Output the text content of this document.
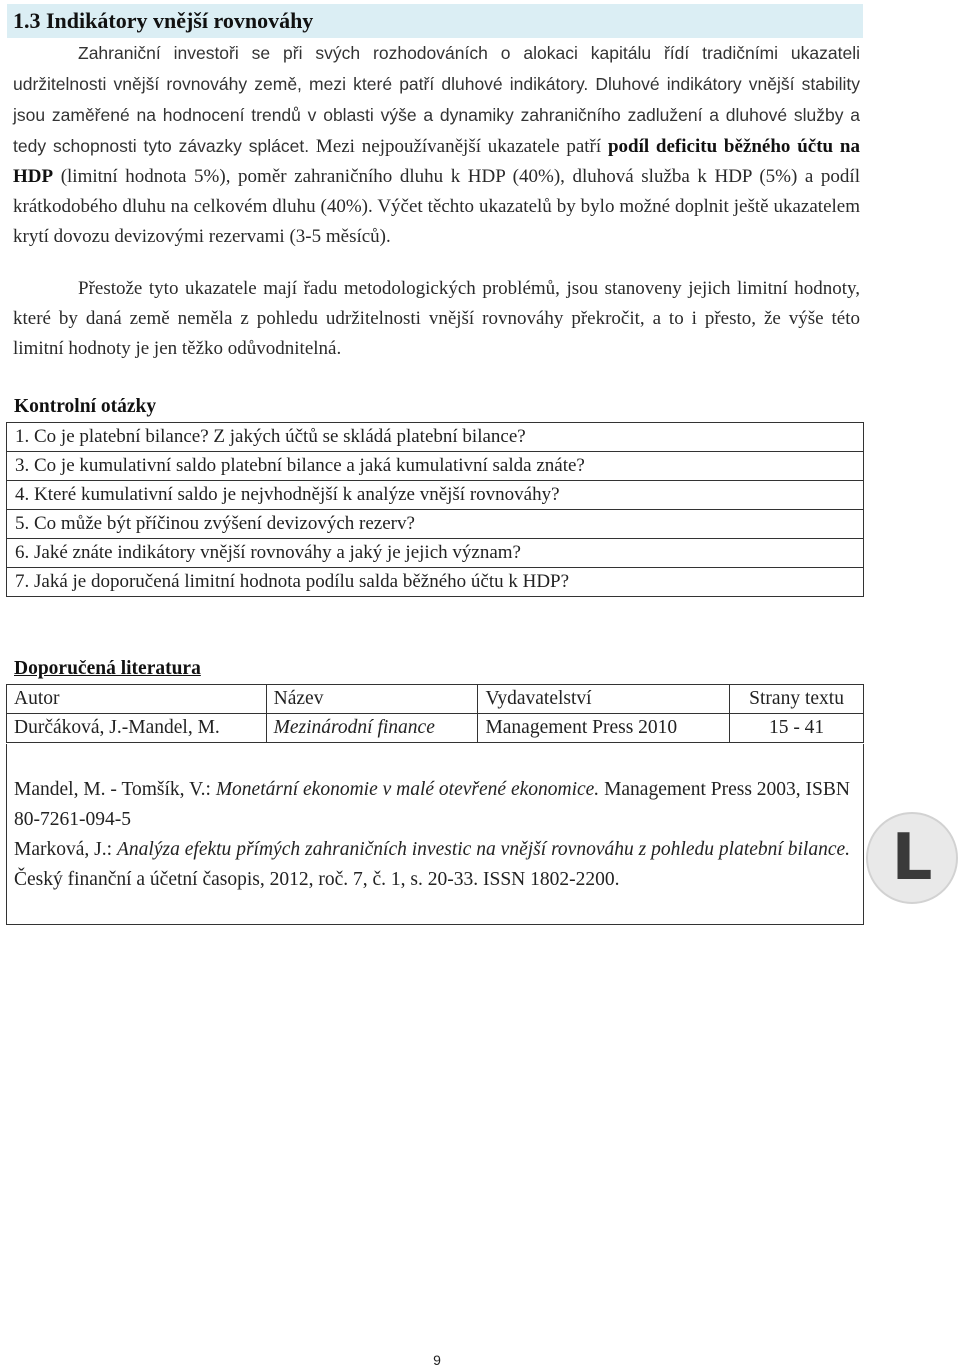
1.3 Indikátory vnější rovnováhy

Zahraniční investoři se při svých rozhodováních o alokaci kapitálu řídí tradičními ukazateli udržitelnosti vnější rovnováhy země, mezi které patří dluhové indikátory. Dluhové indikátory vnější stability jsou zaměřené na hodnocení trendů v oblasti výše a dynamiky zahraničního zadlužení a dluhové služby a tedy schopnosti tyto závazky splácet. Mezi nejpoužívanější ukazatele patří podíl deficitu běžného účtu na HDP (limitní hodnota 5%), poměr zahraničního dluhu k HDP (40%), dluhová služba k HDP (5%) a podíl krátkodobého dluhu na celkovém dluhu (40%). Výčet těchto ukazatelů by bylo možné doplnit ještě ukazatelem krytí dovozu devizovými rezervami (3-5 měsíců).

Přestože tyto ukazatele mají řadu metodologických problémů, jsou stanoveny jejich limitní hodnoty, které by daná země neměla z pohledu udržitelnosti vnější rovnováhy překročit, a to i přesto, že výše této limitní hodnoty je jen těžko odůvodnitelná.

Kontrolní otázky
1. Co je platební bilance? Z jakých účtů se skládá platební bilance?
3. Co je kumulativní saldo platební bilance a jaká kumulativní salda znáte?
4. Které kumulativní saldo je nejvhodnější k analýze vnější rovnováhy?
5. Co může být příčinou zvýšení devizových rezerv?
6. Jaké znáte indikátory vnější rovnováhy a jaký je jejich význam?
7. Jaká je doporučená limitní hodnota podílu salda běžného účtu k HDP?
Doporučená literatura
Autor	Název	Vydavatelství	Strany textu
Durčáková, J.-Mandel, M.	Mezinárodní finance	Management Press 2010	15 - 41

Mandel, M. - Tomšík, V.: Monetární ekonomie v malé otevřené ekonomice. Management Press 2003, ISBN 80-7261-094-5

Marková, J.: Analýza efektu přímých zahraničních investic na vnější rovnováhu z pohledu platební bilance. Český finanční a účetní časopis, 2012, roč. 7, č. 1, s. 20-33. ISSN 1802-2200.	L
9
